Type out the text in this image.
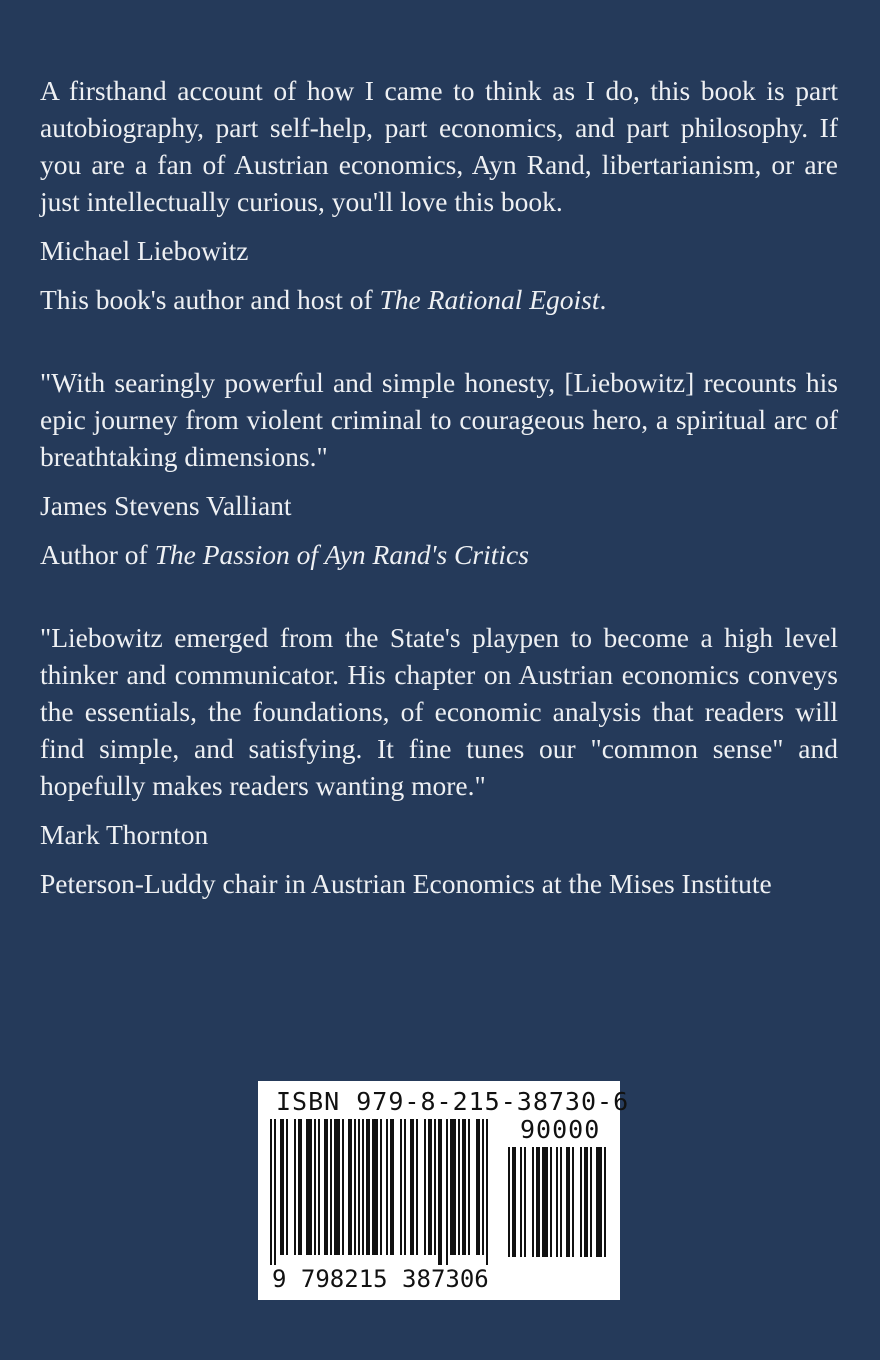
A firsthand account of how I came to think as I do, this book is part autobiography, part self-help, part economics, and part philosophy. If you are a fan of Austrian economics, Ayn Rand, libertarianism, or are just intellectually curious, you'll love this book.

Michael Liebowitz

This book's author and host of The Rational Egoist.

"With searingly powerful and simple honesty, [Liebowitz] recounts his epic journey from violent criminal to courageous hero, a spiritual arc of breathtaking dimensions."

James Stevens Valliant

Author of The Passion of Ayn Rand's Critics

"Liebowitz emerged from the State's playpen to become a high level thinker and communicator. His chapter on Austrian economics conveys the essentials, the foundations, of economic analysis that readers will find simple, and satisfying. It fine tunes our "common sense" and hopefully makes readers wanting more."

Mark Thornton

Peterson-Luddy chair in Austrian Economics at the Mises Institute

ISBN 979-8-215-38730-6
90000
9 798215 387306
